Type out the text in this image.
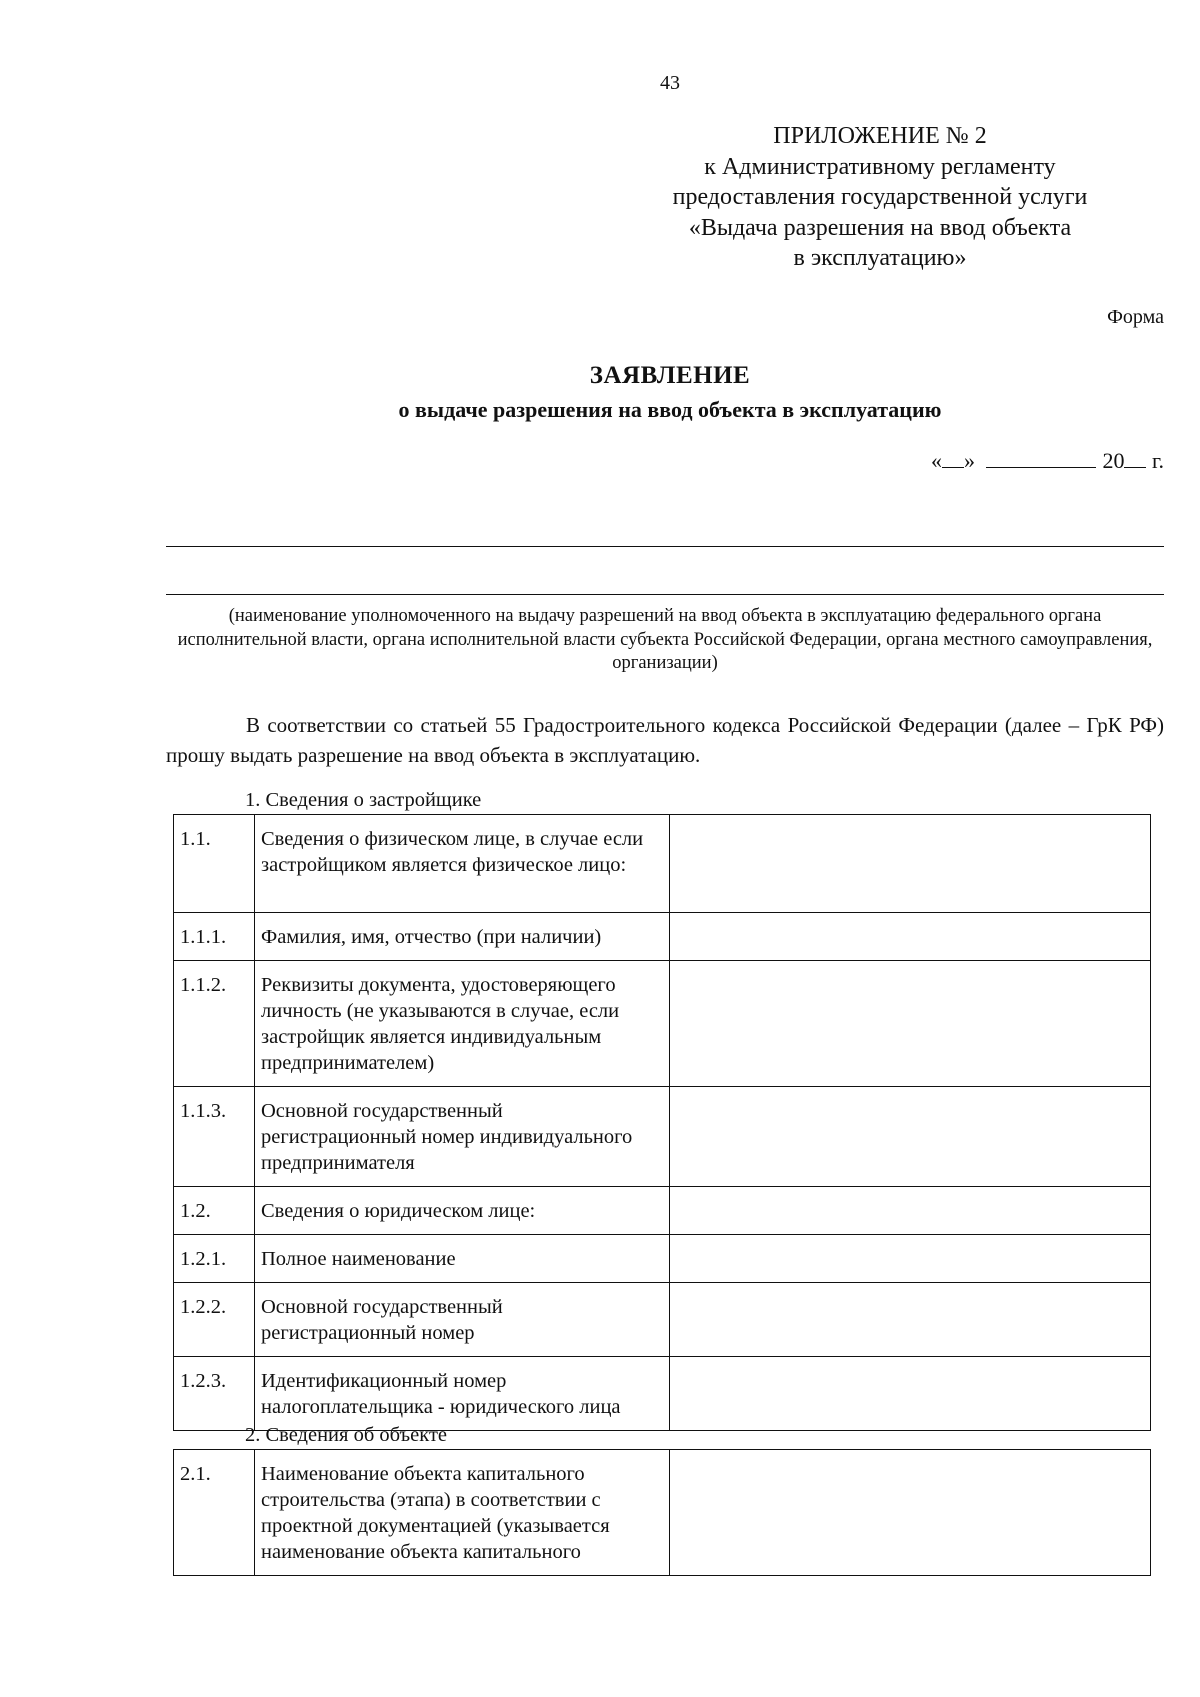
43
ПРИЛОЖЕНИЕ № 2
к Административному регламенту
предоставления государственной услуги
«Выдача разрешения на ввод объекта
в эксплуатацию»
Форма
ЗАЯВЛЕНИЕ
о выдаче разрешения на ввод объекта в эксплуатацию
« »	20 г.
(наименование уполномоченного на выдачу разрешений на ввод объекта в эксплуатацию федерального органа исполнительной власти, органа исполнительной власти субъекта Российской Федерации, органа местного самоуправления, организации)
В соответствии со статьей 55 Градостроительного кодекса Российской Федерации (далее – ГрК РФ) прошу выдать разрешение на ввод объекта в эксплуатацию.
1. Сведения о застройщике
1.1.	Сведения о физическом лице, в случае если застройщиком является физическое лицо:	
1.1.1.	Фамилия, имя, отчество (при наличии)	
1.1.2.	Реквизиты документа, удостоверяющего личность (не указываются в случае, если застройщик является индивидуальным предпринимателем)	
1.1.3.	Основной государственный регистрационный номер индивидуального предпринимателя	
1.2.	Сведения о юридическом лице:	
1.2.1.	Полное наименование	
1.2.2.	Основной государственный регистрационный номер	
1.2.3.	Идентификационный номер налогоплательщика - юридического лица	
2. Сведения об объекте
2.1.	Наименование объекта капитального строительства (этапа) в соответствии с проектной документацией (указывается наименование объекта капитального	
